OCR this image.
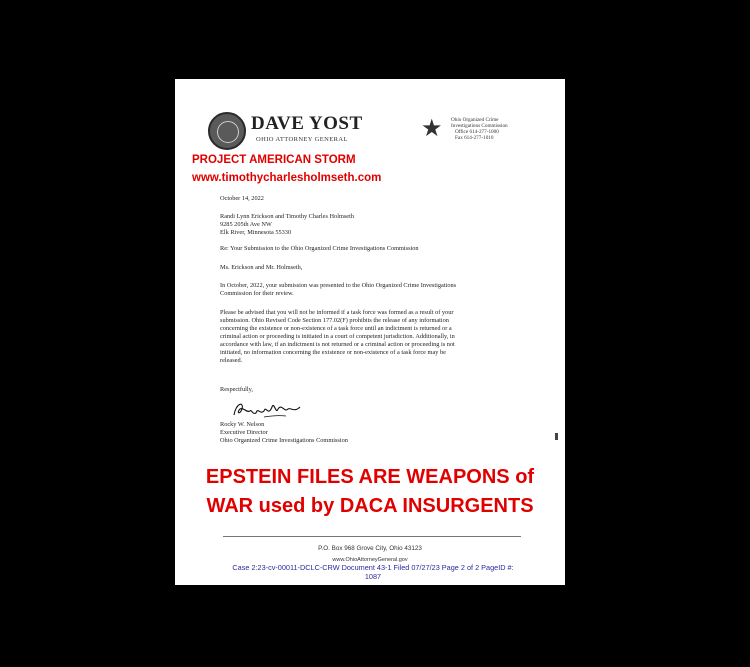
DAVE YOST
OHIO ATTORNEY GENERAL	★ Ohio Organized Crime
Investigations Commission
Office 614-277-1000
Fax 614-277-1010
PROJECT AMERICAN STORM
www.timothycharlesholmseth.com
October 14, 2022
Randi Lynn Erickson and Timothy Charles Holmseth
9285 205th Ave NW
Elk River, Minnesota 55330
Re: Your Submission to the Ohio Organized Crime Investigations Commission
Ms. Erickson and Mr. Holmseth,
In October, 2022, your submission was presented to the Ohio Organized Crime Investigations
Commission for their review.
Please be advised that you will not be informed if a task force was formed as a result of your
submission. Ohio Revised Code Section 177.02(F) prohibits the release of any information
concerning the existence or non-existence of a task force until an indictment is returned or a
criminal action or proceeding is initiated in a court of competent jurisdiction. Additionally, in
accordance with law, if an indictment is not returned or a criminal action or proceeding is not
initiated, no information concerning the existence or non-existence of a task force may be
released.
Respectfully,
Rocky W. Nelson
Executive Director
Ohio Organized Crime Investigations Commission
EPSTEIN FILES ARE WEAPONS of
WAR used by DACA INSURGENTS
P.O. Box 968 Grove City, Ohio 43123
www.OhioAttorneyGeneral.gov
Case 2:23-cv-00011-DCLC-CRW Document 43-1 Filed 07/27/23 Page 2 of 2 PageID #:
1087
